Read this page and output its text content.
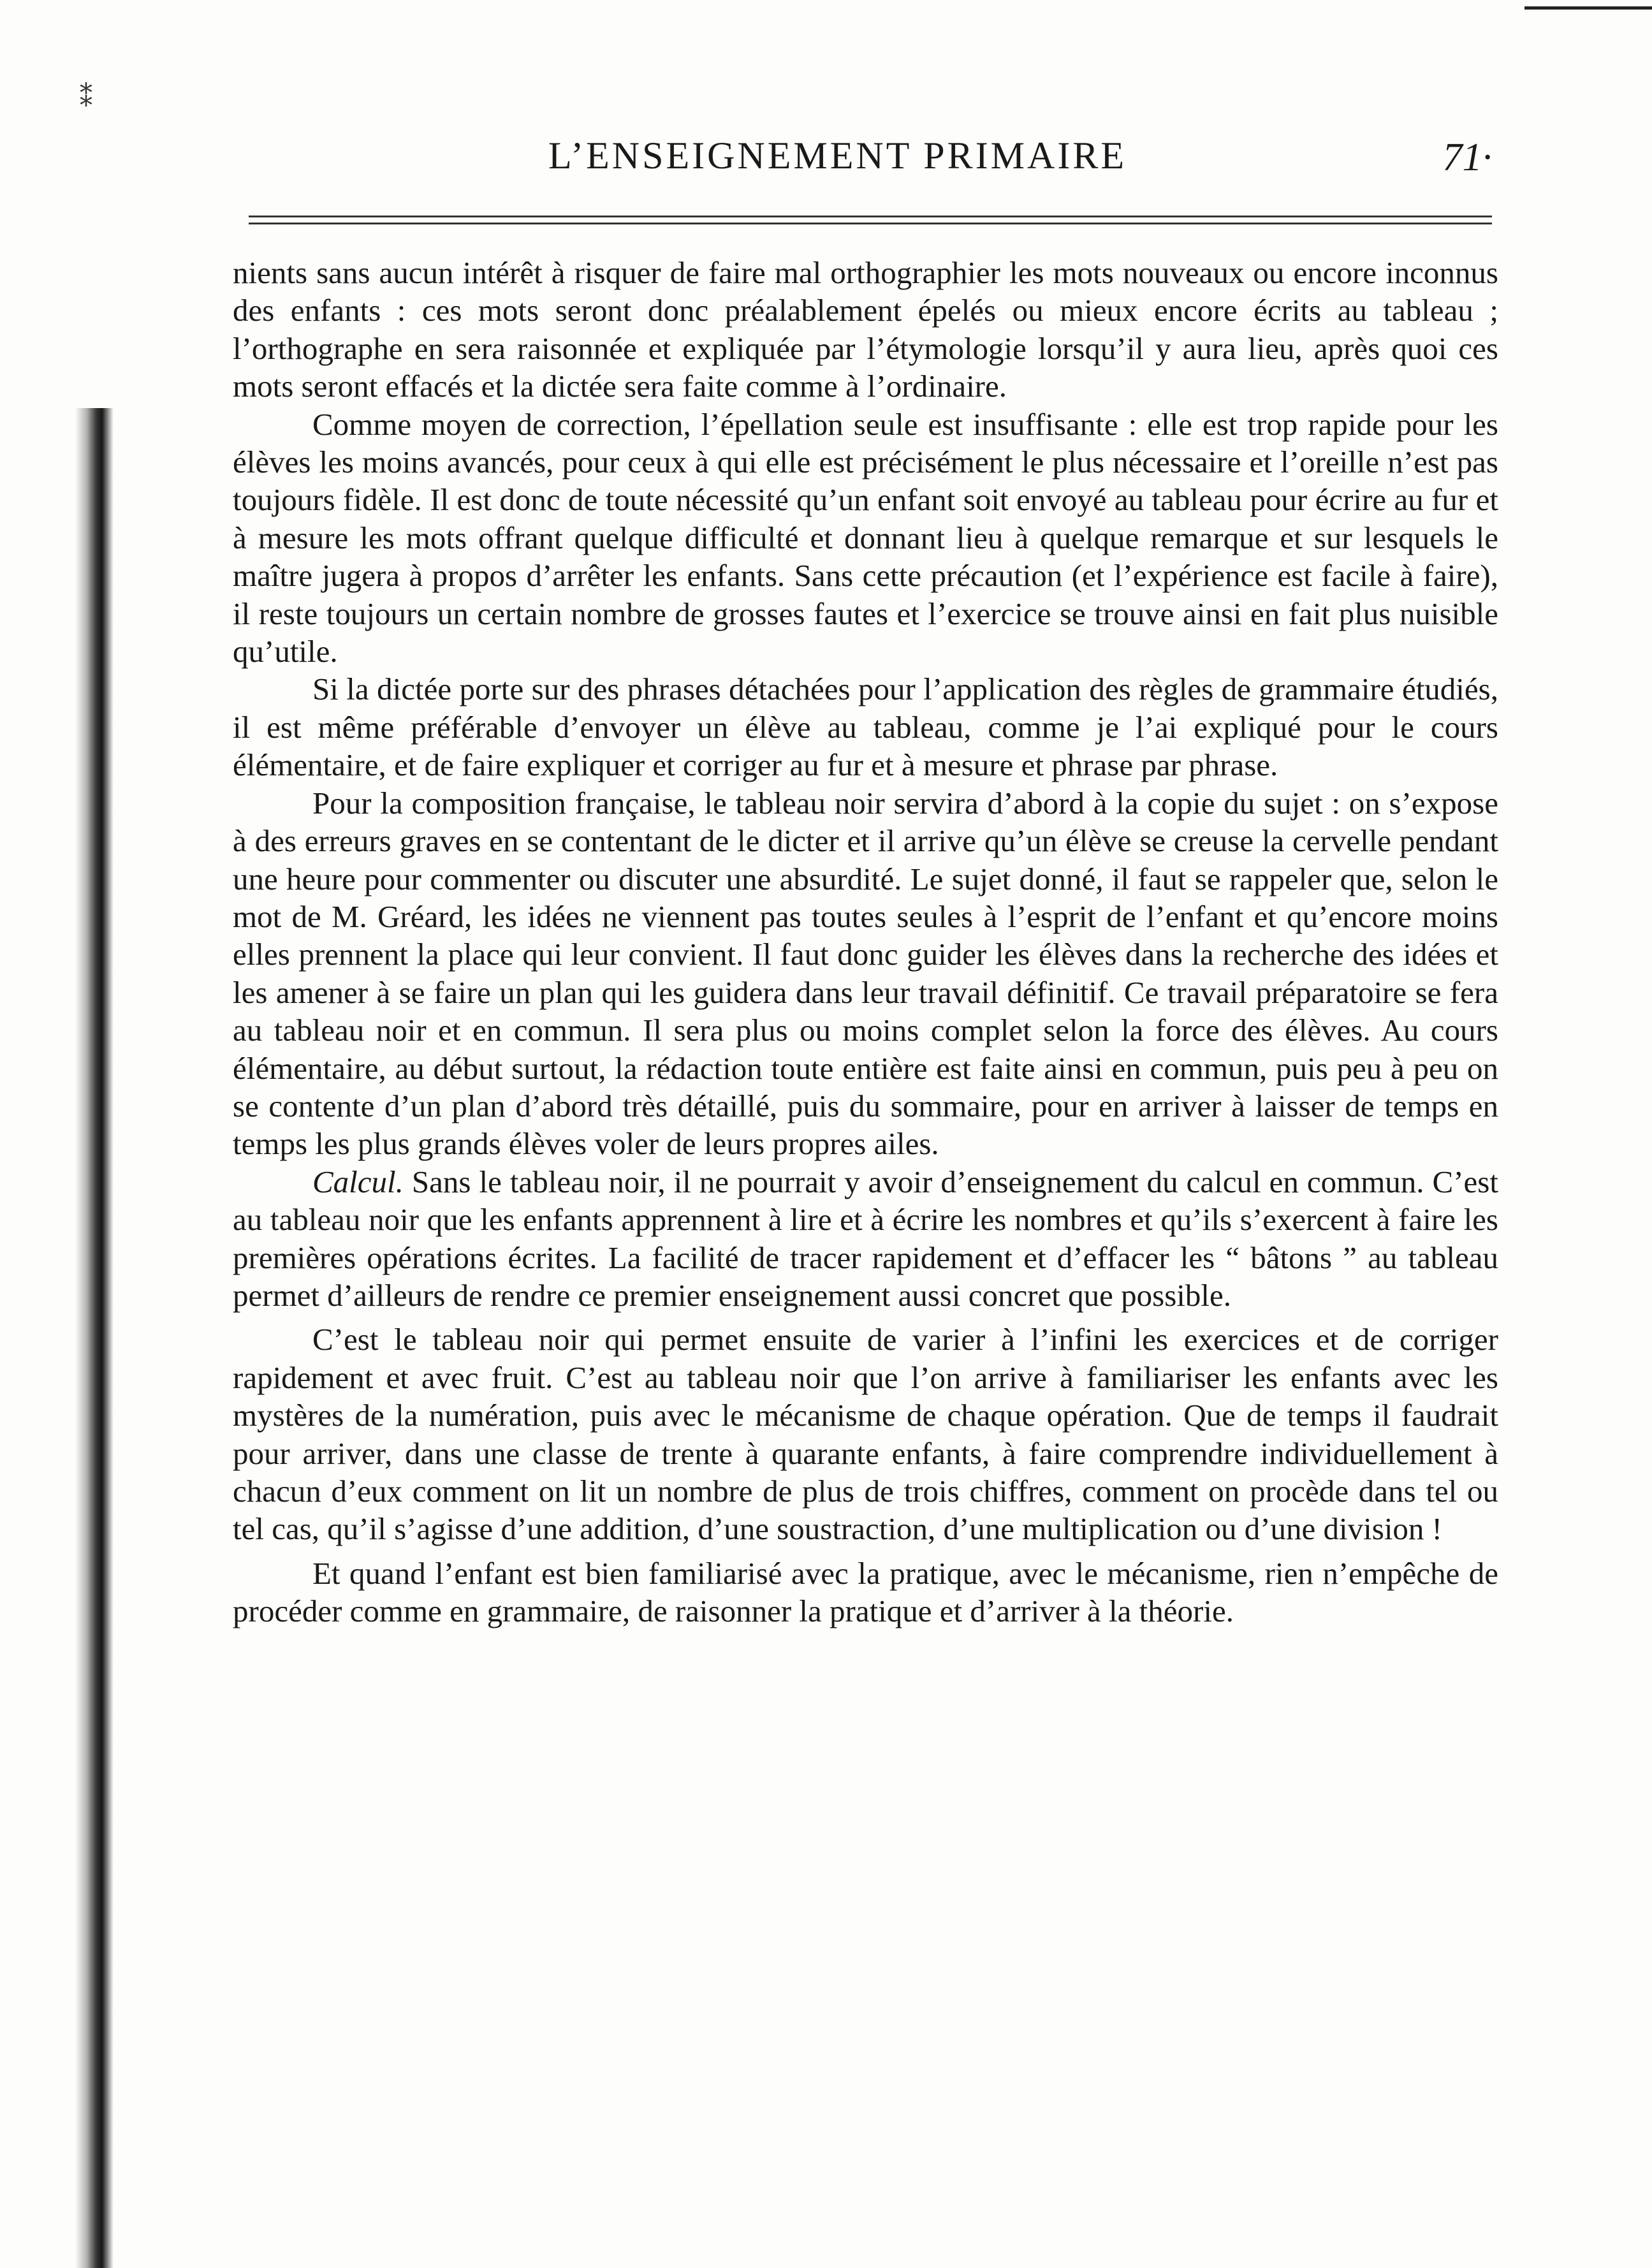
⁑
L’ENSEIGNEMENT PRIMAIRE	71·

nients sans aucun intérêt à risquer de faire mal orthographier les mots nouveaux ou encore inconnus des enfants : ces mots seront donc préalablement épelés ou mieux encore écrits au tableau ; l’orthographe en sera raisonnée et expliquée par l’étymologie lorsqu’il y aura lieu, après quoi ces mots seront effacés et la dictée sera faite comme à l’ordinaire.

Comme moyen de correction, l’épellation seule est insuffisante : elle est trop rapide pour les élèves les moins avancés, pour ceux à qui elle est précisément le plus nécessaire et l’oreille n’est pas toujours fidèle. Il est donc de toute nécessité qu’un enfant soit envoyé au tableau pour écrire au fur et à mesure les mots offrant quelque difficulté et donnant lieu à quelque remarque et sur lesquels le maître jugera à propos d’arrêter les enfants. Sans cette précaution (et l’expérience est facile à faire), il reste toujours un certain nombre de grosses fautes et l’exercice se trouve ainsi en fait plus nuisible qu’utile.

Si la dictée porte sur des phrases détachées pour l’application des règles de grammaire étudiés, il est même préférable d’envoyer un élève au tableau, comme je l’ai expliqué pour le cours élémentaire, et de faire expliquer et corriger au fur et à mesure et phrase par phrase.

Pour la composition française, le tableau noir servira d’abord à la copie du sujet : on s’expose à des erreurs graves en se contentant de le dicter et il arrive qu’un élève se creuse la cervelle pendant une heure pour commenter ou discuter une absurdité. Le sujet donné, il faut se rappeler que, selon le mot de M. Gréard, les idées ne viennent pas toutes seules à l’esprit de l’enfant et qu’encore moins elles prennent la place qui leur convient. Il faut donc guider les élèves dans la recherche des idées et les amener à se faire un plan qui les guidera dans leur travail définitif. Ce travail préparatoire se fera au tableau noir et en commun. Il sera plus ou moins complet selon la force des élèves. Au cours élémentaire, au début surtout, la rédaction toute entière est faite ainsi en commun, puis peu à peu on se contente d’un plan d’abord très détaillé, puis du sommaire, pour en arriver à laisser de temps en temps les plus grands élèves voler de leurs propres ailes.

Calcul. Sans le tableau noir, il ne pourrait y avoir d’enseignement du calcul en commun. C’est au tableau noir que les enfants apprennent à lire et à écrire les nombres et qu’ils s’exercent à faire les premières opérations écrites. La facilité de tracer rapidement et d’effacer les “ bâtons ” au tableau permet d’ailleurs de rendre ce premier enseignement aussi concret que possible.

C’est le tableau noir qui permet ensuite de varier à l’infini les exercices et de corriger rapidement et avec fruit. C’est au tableau noir que l’on arrive à familiariser les enfants avec les mystères de la numération, puis avec le mécanisme de chaque opération. Que de temps il faudrait pour arriver, dans une classe de trente à quarante enfants, à faire comprendre individuellement à chacun d’eux comment on lit un nombre de plus de trois chiffres, comment on procède dans tel ou tel cas, qu’il s’agisse d’une addition, d’une soustraction, d’une multiplication ou d’une division !

Et quand l’enfant est bien familiarisé avec la pratique, avec le mécanisme, rien n’empêche de procéder comme en grammaire, de raisonner la pratique et d’arriver à la théorie.
